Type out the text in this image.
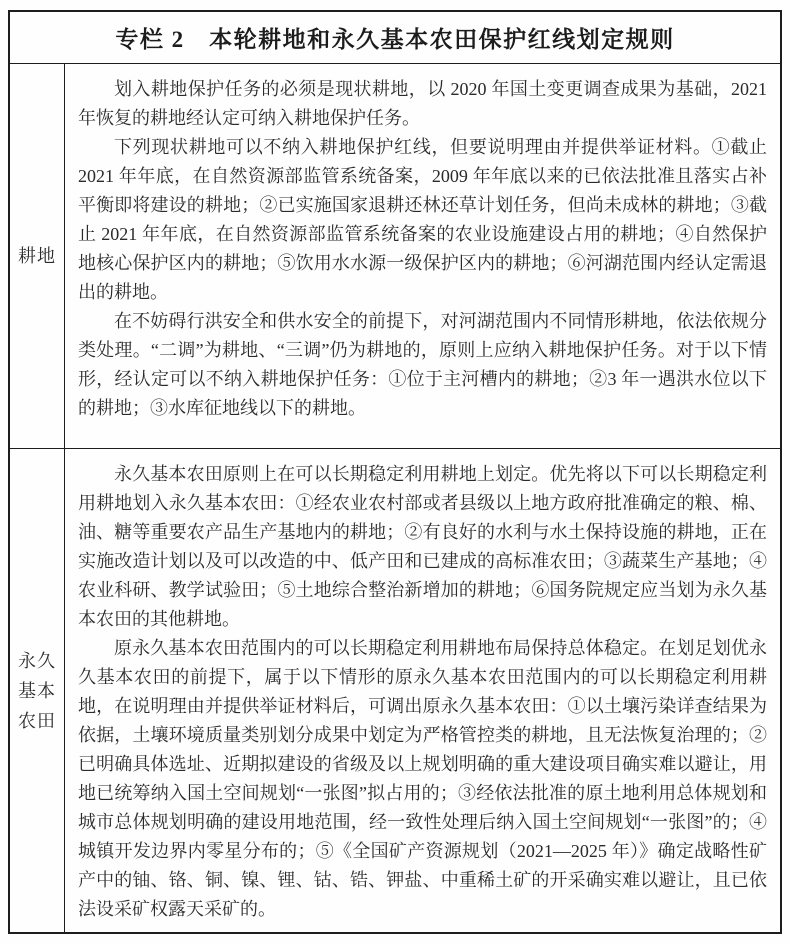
专栏 2　本轮耕地和永久基本农田保护红线划定规则
耕地

划入耕地保护任务的必须是现状耕地，以 2020 年国土变更调查成果为基础，2021 年恢复的耕地经认定可纳入耕地保护任务。

下列现状耕地可以不纳入耕地保护红线，但要说明理由并提供举证材料。①截止 2021 年年底，在自然资源部监管系统备案，2009 年年底以来的已依法批准且落实占补平衡即将建设的耕地；②已实施国家退耕还林还草计划任务，但尚未成林的耕地；③截止 2021 年年底，在自然资源部监管系统备案的农业设施建设占用的耕地；④自然保护地核心保护区内的耕地；⑤饮用水水源一级保护区内的耕地；⑥河湖范围内经认定需退出的耕地。

在不妨碍行洪安全和供水安全的前提下，对河湖范围内不同情形耕地，依法依规分类处理。“二调”为耕地、“三调”仍为耕地的，原则上应纳入耕地保护任务。对于以下情形，经认定可以不纳入耕地保护任务：①位于主河槽内的耕地；②3 年一遇洪水位以下的耕地；③水库征地线以下的耕地。

永久
基本
农田

永久基本农田原则上在可以长期稳定利用耕地上划定。优先将以下可以长期稳定利用耕地划入永久基本农田：①经农业农村部或者县级以上地方政府批准确定的粮、棉、油、糖等重要农产品生产基地内的耕地；②有良好的水利与水土保持设施的耕地，正在实施改造计划以及可以改造的中、低产田和已建成的高标准农田；③蔬菜生产基地；④农业科研、教学试验田；⑤土地综合整治新增加的耕地；⑥国务院规定应当划为永久基本农田的其他耕地。

原永久基本农田范围内的可以长期稳定利用耕地布局保持总体稳定。在划足划优永久基本农田的前提下，属于以下情形的原永久基本农田范围内的可以长期稳定利用耕地，在说明理由并提供举证材料后，可调出原永久基本农田：①以土壤污染详查结果为依据，土壤环境质量类别划分成果中划定为严格管控类的耕地，且无法恢复治理的；②已明确具体选址、近期拟建设的省级及以上规划明确的重大建设项目确实难以避让，用地已统筹纳入国土空间规划“一张图”拟占用的；③经依法批准的原土地利用总体规划和城市总体规划明确的建设用地范围，经一致性处理后纳入国土空间规划“一张图”的；④城镇开发边界内零星分布的；⑤《全国矿产资源规划（2021—2025 年）》确定战略性矿产中的铀、铬、铜、镍、锂、钴、锆、钾盐、中重稀土矿的开采确实难以避让，且已依法设采矿权露天采矿的。
